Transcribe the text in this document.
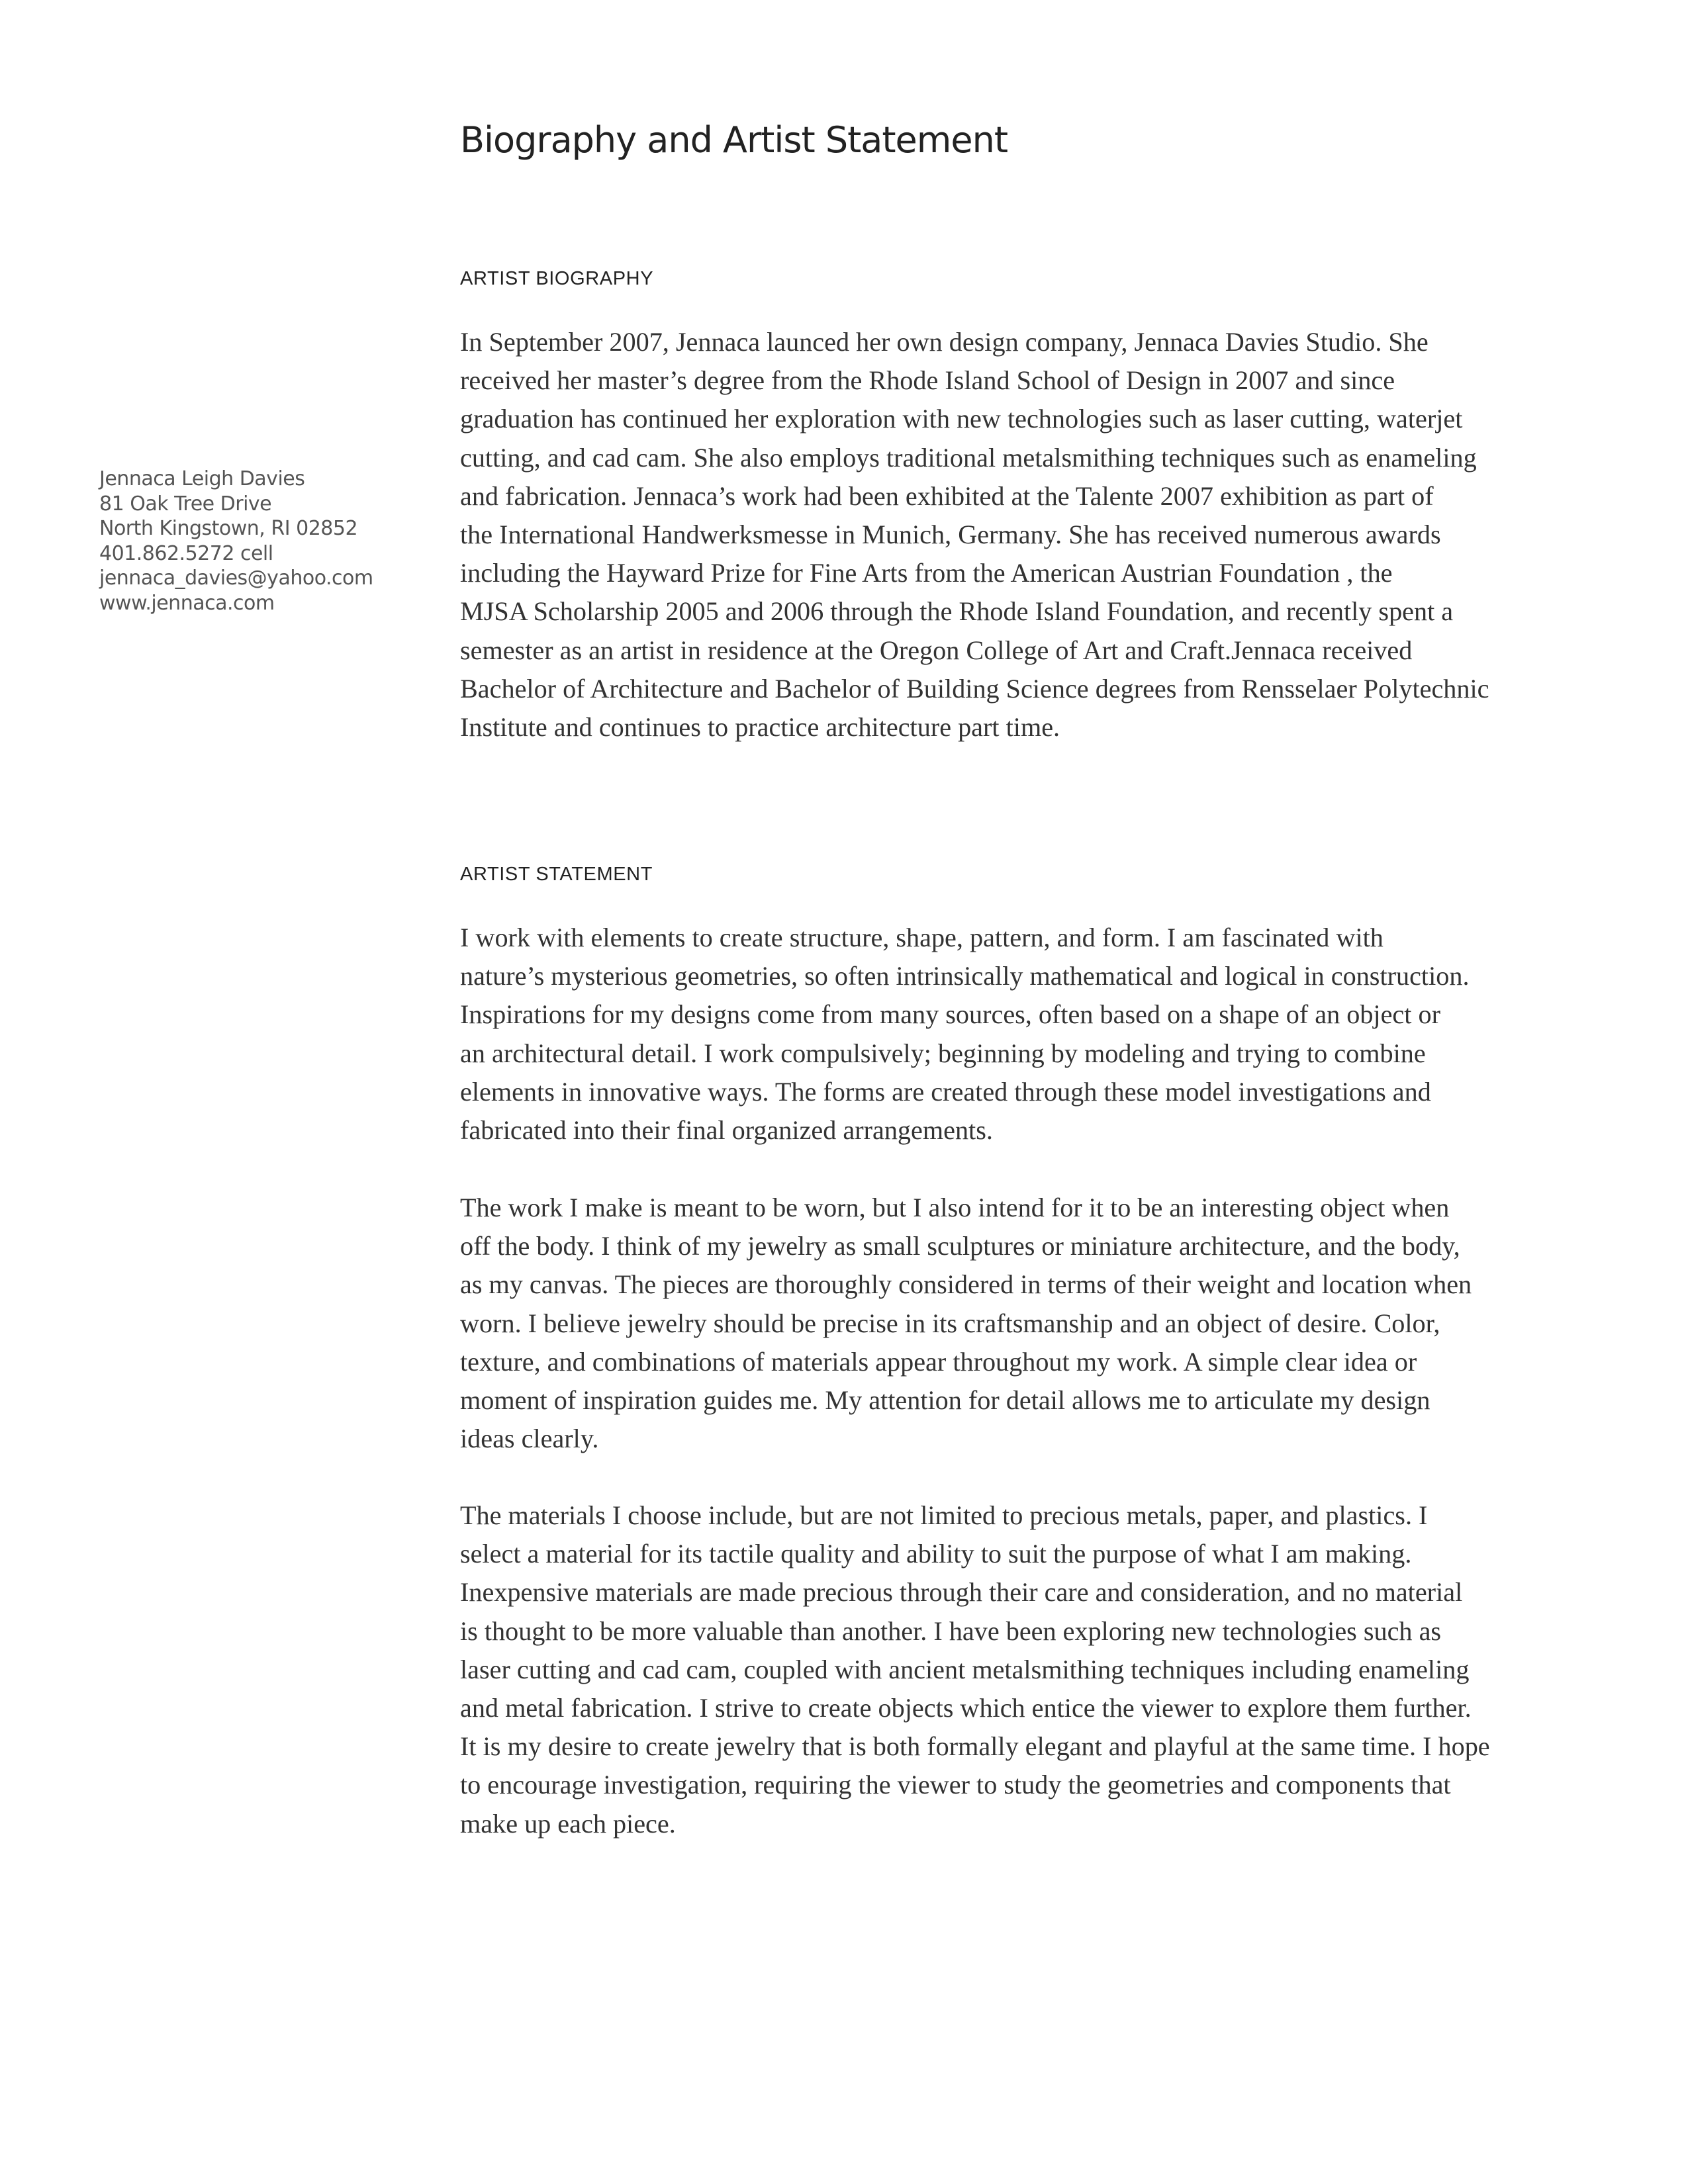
Biography and Artist Statement
Jennaca Leigh Davies
81 Oak Tree Drive
North Kingstown, RI 02852
401.862.5272 cell
jennaca_davies@yahoo.com
www.jennaca.com
ARTIST BIOGRAPHY
In September 2007, Jennaca launced her own design company, Jennaca Davies Studio. She
received her master’s degree from the Rhode Island School of Design in 2007 and since
graduation has continued her exploration with new technologies such as laser cutting, waterjet
cutting, and cad cam. She also employs traditional metalsmithing techniques such as enameling
and fabrication. Jennaca’s work had been exhibited at the Talente 2007 exhibition as part of
the International Handwerksmesse in Munich, Germany. She has received numerous awards
including the Hayward Prize for Fine Arts from the American Austrian Foundation , the
MJSA Scholarship 2005 and 2006 through the Rhode Island Foundation, and recently spent a
semester as an artist in residence at the Oregon College of Art and Craft.Jennaca received
Bachelor of Architecture and Bachelor of Building Science degrees from Rensselaer Polytechnic
Institute and continues to practice architecture part time.
ARTIST STATEMENT
I work with elements to create structure, shape, pattern, and form. I am fascinated with
nature’s mysterious geometries, so often intrinsically mathematical and logical in construction.
Inspirations for my designs come from many sources, often based on a shape of an object or
an architectural detail. I work compulsively; beginning by modeling and trying to combine
elements in innovative ways. The forms are created through these model investigations and
fabricated into their final organized arrangements.
The work I make is meant to be worn, but I also intend for it to be an interesting object when
off the body. I think of my jewelry as small sculptures or miniature architecture, and the body,
as my canvas. The pieces are thoroughly considered in terms of their weight and location when
worn. I believe jewelry should be precise in its craftsmanship and an object of desire. Color,
texture, and combinations of materials appear throughout my work. A simple clear idea or
moment of inspiration guides me. My attention for detail allows me to articulate my design
ideas clearly.
The materials I choose include, but are not limited to precious metals, paper, and plastics. I
select a material for its tactile quality and ability to suit the purpose of what I am making.
Inexpensive materials are made precious through their care and consideration, and no material
is thought to be more valuable than another. I have been exploring new technologies such as
laser cutting and cad cam, coupled with ancient metalsmithing techniques including enameling
and metal fabrication. I strive to create objects which entice the viewer to explore them further.
It is my desire to create jewelry that is both formally elegant and playful at the same time. I hope
to encourage investigation, requiring the viewer to study the geometries and components that
make up each piece.
